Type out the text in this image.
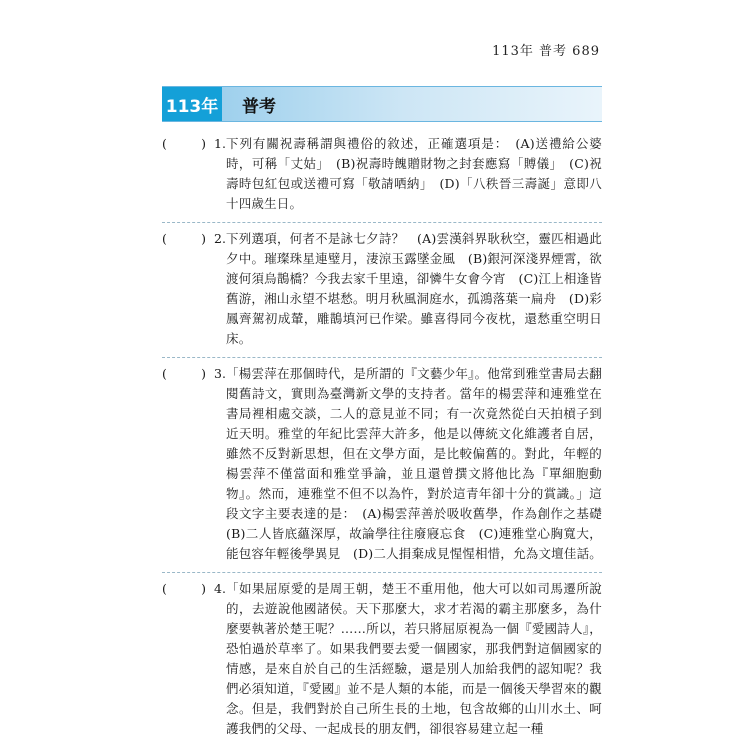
113年 普考 689
113年 普考
(	) 1. 下列有關祝壽稱謂與禮俗的敘述，正確選項是：　(A)送禮給公婆時，可稱「丈姑」　(B)祝壽時餽贈財物之封套應寫「賻儀」　(C)祝壽時包紅包或送禮可寫「敬請哂納」　(D)「八秩晉三壽誕」意即八十四歲生日。
(	) 2. 下列選項，何者不是詠七夕詩？　(A)雲漢斜界耿秋空，靈匹相過此夕中。璀璨珠星連璧月，淒涼玉露墜金風　(B)銀河深淺界煙霄，欲渡何須烏鵲橋？今我去家千里遠，卻憐牛女會今宵　(C)江上相逢皆舊游，湘山永望不堪愁。明月秋風洞庭水，孤鴻落葉一扁舟　(D)彩鳳齊駕初成輦，雕鵲填河已作梁。雖喜得同今夜枕，還愁重空明日床。
(	) 3. 「楊雲萍在那個時代，是所謂的『文藝少年』。他常到雅堂書局去翻閱舊詩文，實則為臺灣新文學的支持者。當年的楊雲萍和連雅堂在書局裡相處交談，二人的意見並不同；有一次竟然從白天拍槓子到近天明。雅堂的年紀比雲萍大許多，他是以傳統文化維護者自居，雖然不反對新思想，但在文學方面，是比較偏舊的。對此，年輕的楊雲萍不僅當面和雅堂爭論，並且還曾撰文將他比為『單細胞動物』。然而，連雅堂不但不以為忤，對於這青年卻十分的賞識。」這段文字主要表達的是：　(A)楊雲萍善於吸收舊學，作為創作之基礎　(B)二人皆底蘊深厚，故論學往往廢寢忘食　(C)連雅堂心胸寬大，能包容年輕後學異見　(D)二人捐棄成見惺惺相惜，允為文壇佳話。
(	) 4. 「如果屈原愛的是周王朝，楚王不重用他，他大可以如司馬遷所說的，去遊說他國諸侯。天下那麼大，求才若渴的霸主那麼多，為什麼要執著於楚王呢？……所以，若只將屈原視為一個『愛國詩人』，恐怕過於草率了。如果我們要去愛一個國家，那我們對這個國家的情感，是來自於自己的生活經驗，還是別人加給我們的認知呢？我們必須知道，『愛國』並不是人類的本能，而是一個後天學習來的觀念。但是，我們對於自己所生長的土地，包含故鄉的山川水土、呵護我們的父母、一起成長的朋友們，卻很容易建立起一種
